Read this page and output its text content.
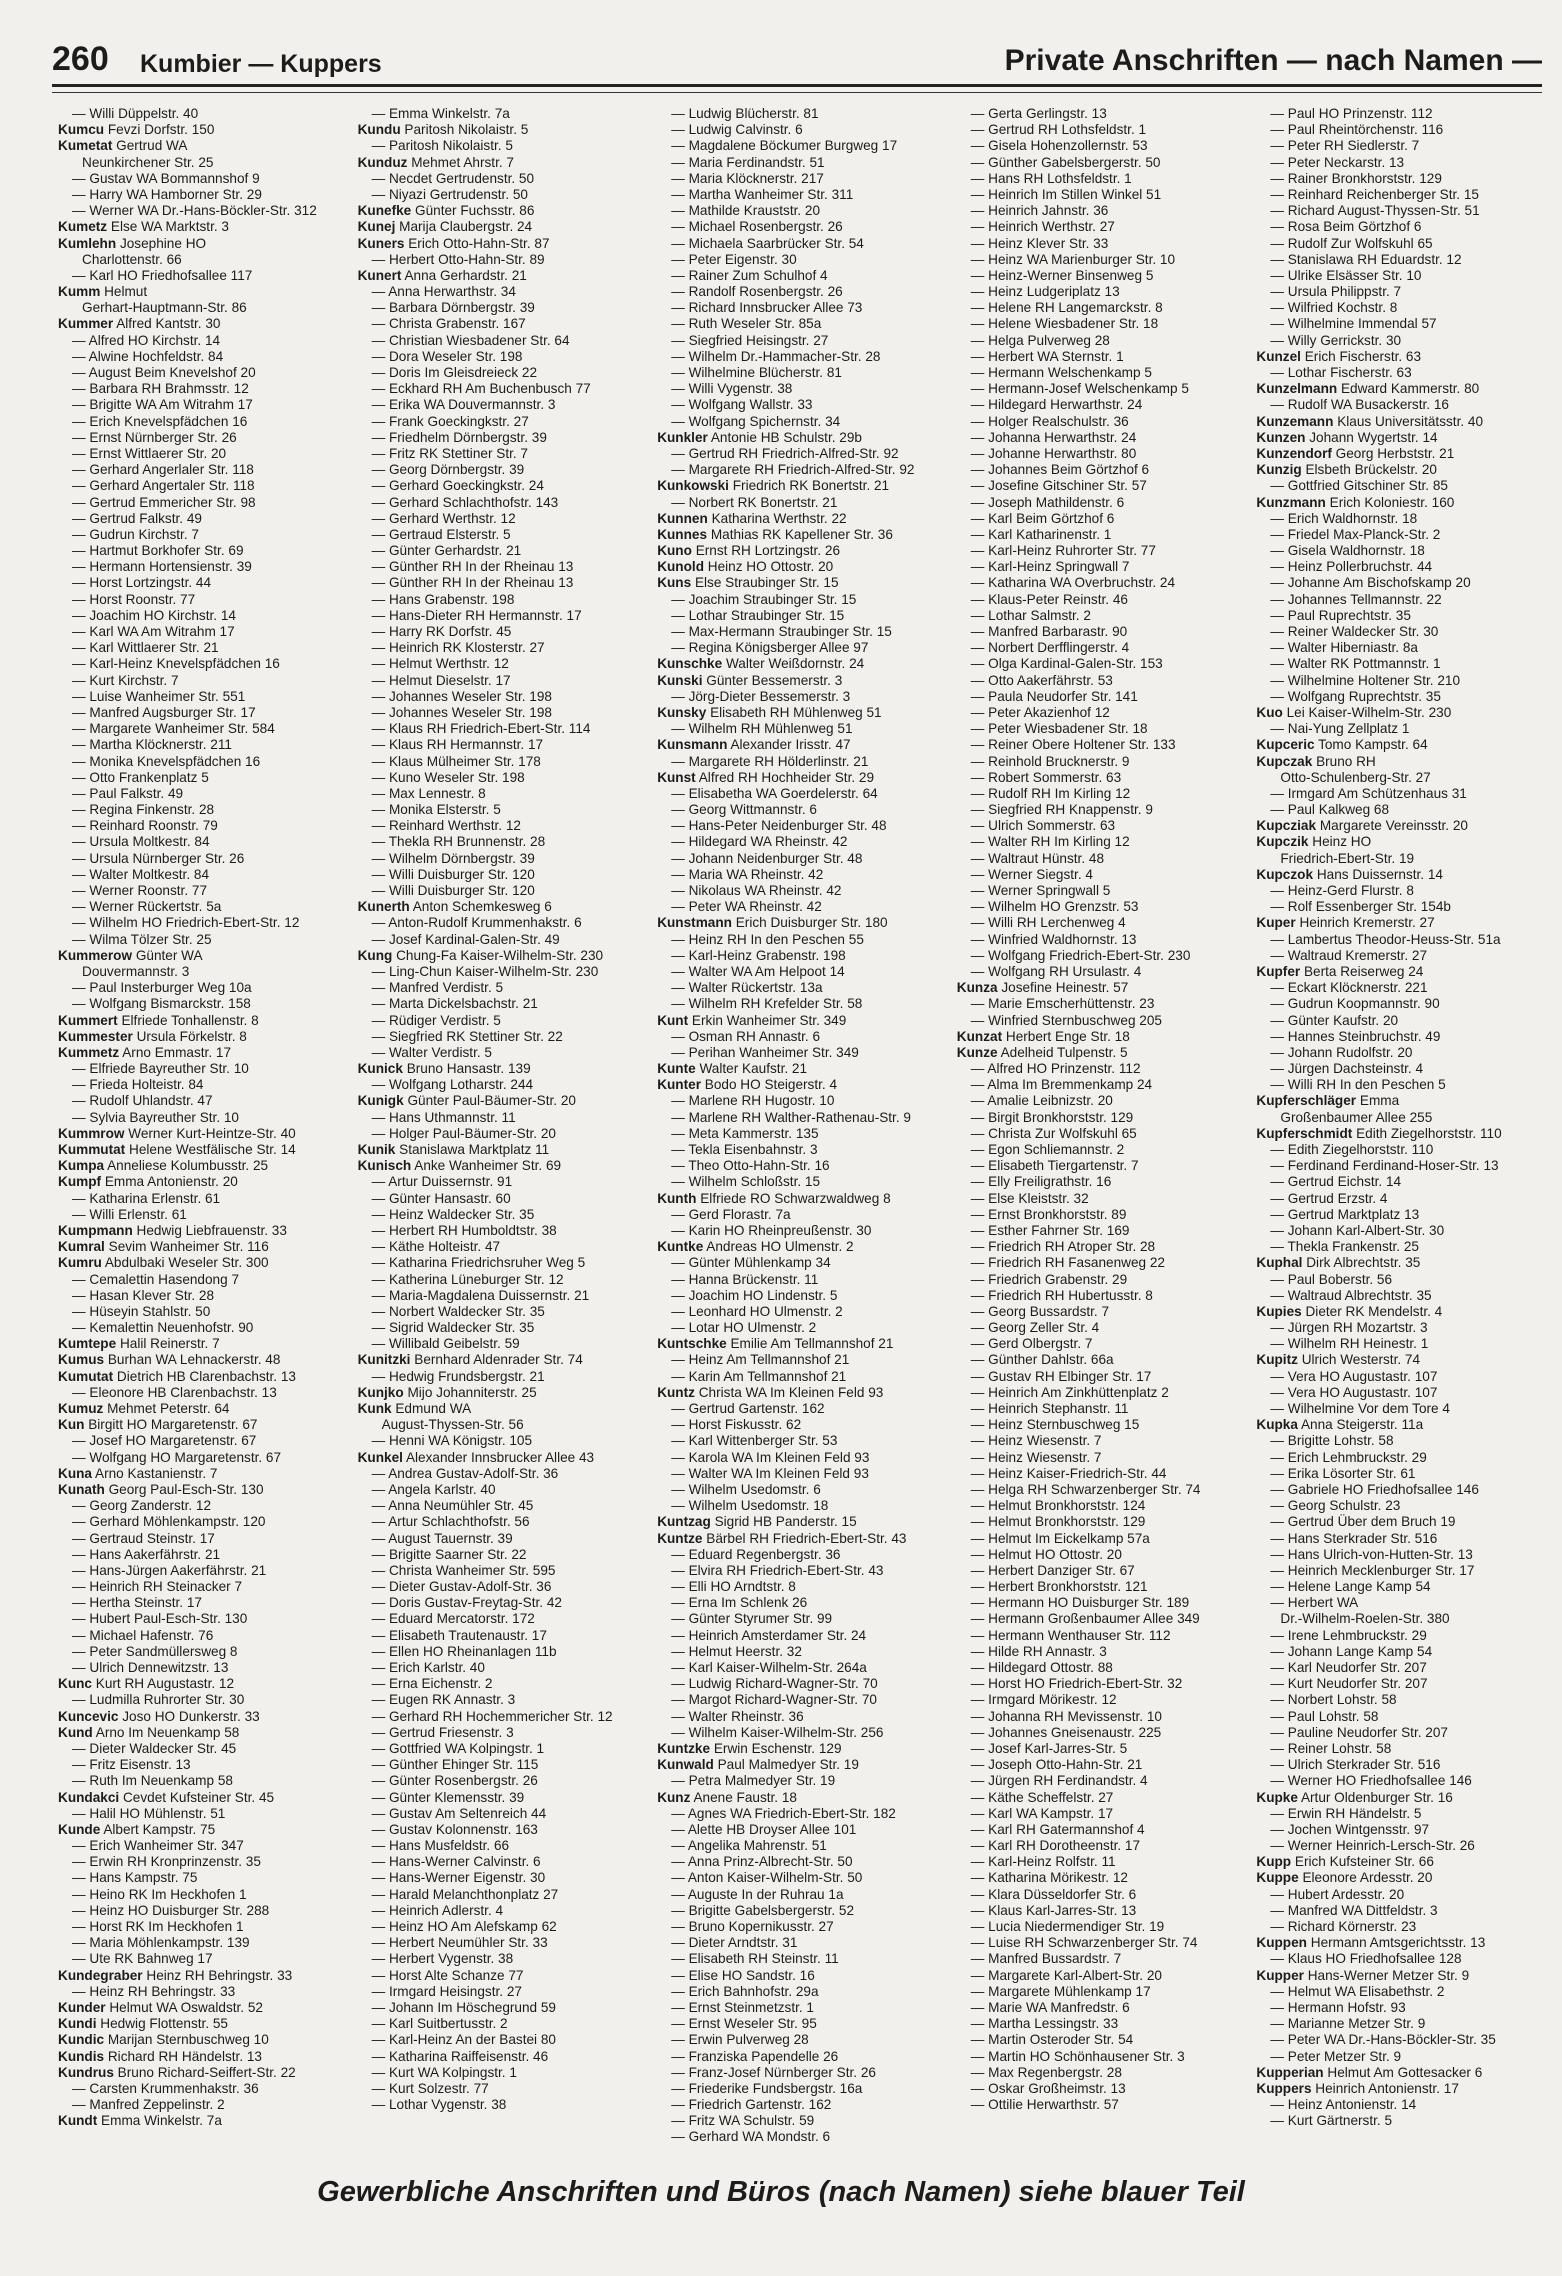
260 Kumbier — Kuppers	Private Anschriften — nach Namen —
— Willi Düppelstr. 40
Kumcu Fevzi Dorfstr. 150
Kumetat Gertrud WA
Neunkirchener Str. 25
— Gustav WA Bommannshof 9
— Harry WA Hamborner Str. 29
— Werner WA Dr.-Hans-Böckler-Str. 312
Kumetz Else WA Marktstr. 3
Kumlehn Josephine HO
Charlottenstr. 66
— Karl HO Friedhofsallee 117
Kumm Helmut
Gerhart-Hauptmann-Str. 86
Kummer Alfred Kantstr. 30
— Alfred HO Kirchstr. 14
— Alwine Hochfeldstr. 84
— August Beim Knevelshof 20
— Barbara RH Brahmsstr. 12
— Brigitte WA Am Witrahm 17
— Erich Knevelspfädchen 16
— Ernst Nürnberger Str. 26
— Ernst Wittlaerer Str. 20
— Gerhard Angerlaler Str. 118
— Gerhard Angertaler Str. 118
— Gertrud Emmericher Str. 98
— Gertrud Falkstr. 49
— Gudrun Kirchstr. 7
— Hartmut Borkhofer Str. 69
— Hermann Hortensienstr. 39
— Horst Lortzingstr. 44
— Horst Roonstr. 77
— Joachim HO Kirchstr. 14
— Karl WA Am Witrahm 17
— Karl Wittlaerer Str. 21
— Karl-Heinz Knevelspfädchen 16
— Kurt Kirchstr. 7
— Luise Wanheimer Str. 551
— Manfred Augsburger Str. 17
— Margarete Wanheimer Str. 584
— Martha Klöcknerstr. 211
— Monika Knevelspfädchen 16
— Otto Frankenplatz 5
— Paul Falkstr. 49
— Regina Finkenstr. 28
— Reinhard Roonstr. 79
— Ursula Moltkestr. 84
— Ursula Nürnberger Str. 26
— Walter Moltkestr. 84
— Werner Roonstr. 77
— Werner Rückertstr. 5a
— Wilhelm HO Friedrich-Ebert-Str. 12
— Wilma Tölzer Str. 25
Kummerow Günter WA
Douvermannstr. 3
— Paul Insterburger Weg 10a
— Wolfgang Bismarckstr. 158
Kummert Elfriede Tonhallenstr. 8
Kummester Ursula Förkelstr. 8
Kummetz Arno Emmastr. 17
— Elfriede Bayreuther Str. 10
— Frieda Holteistr. 84
— Rudolf Uhlandstr. 47
— Sylvia Bayreuther Str. 10
Kummrow Werner Kurt-Heintze-Str. 40
Kummutat Helene Westfälische Str. 14
Kumpa Anneliese Kolumbusstr. 25
Kumpf Emma Antonienstr. 20
— Katharina Erlenstr. 61
— Willi Erlenstr. 61
Kumpmann Hedwig Liebfrauenstr. 33
Kumral Sevim Wanheimer Str. 116
Kumru Abdulbaki Weseler Str. 300
— Cemalettin Hasendong 7
— Hasan Klever Str. 28
— Hüseyin Stahlstr. 50
— Kemalettin Neuenhofstr. 90
Kumtepe Halil Reinerstr. 7
Kumus Burhan WA Lehnackerstr. 48
Kumutat Dietrich HB Clarenbachstr. 13
— Eleonore HB Clarenbachstr. 13
Kumuz Mehmet Peterstr. 64
Kun Birgitt HO Margaretenstr. 67
— Josef HO Margaretenstr. 67
— Wolfgang HO Margaretenstr. 67
Kuna Arno Kastanienstr. 7
Kunath Georg Paul-Esch-Str. 130
— Georg Zanderstr. 12
— Gerhard Möhlenkampstr. 120
— Gertraud Steinstr. 17
— Hans Aakerfährstr. 21
— Hans-Jürgen Aakerfährstr. 21
— Heinrich RH Steinacker 7
— Hertha Steinstr. 17
— Hubert Paul-Esch-Str. 130
— Michael Hafenstr. 76
— Peter Sandmüllersweg 8
— Ulrich Dennewitzstr. 13
Kunc Kurt RH Augustastr. 12
— Ludmilla Ruhrorter Str. 30
Kuncevic Joso HO Dunkerstr. 33
Kund Arno Im Neuenkamp 58
— Dieter Waldecker Str. 45
— Fritz Eisenstr. 13
— Ruth Im Neuenkamp 58
Kundakci Cevdet Kufsteiner Str. 45
— Halil HO Mühlenstr. 51
Kunde Albert Kampstr. 75
— Erich Wanheimer Str. 347
— Erwin RH Kronprinzenstr. 35
— Hans Kampstr. 75
— Heino RK Im Heckhofen 1
— Heinz HO Duisburger Str. 288
— Horst RK Im Heckhofen 1
— Maria Möhlenkampstr. 139
— Ute RK Bahnweg 17
Kundegraber Heinz RH Behringstr. 33
— Heinz RH Behringstr. 33
Kunder Helmut WA Oswaldstr. 52
Kundi Hedwig Flottenstr. 55
Kundic Marijan Sternbuschweg 10
Kundis Richard RH Händelstr. 13
Kundrus Bruno Richard-Seiffert-Str. 22
— Carsten Krummenhakstr. 36
— Manfred Zeppelinstr. 2
Kundt Emma Winkelstr. 7a
— Emma Winkelstr. 7a
Kundu Paritosh Nikolaistr. 5
— Paritosh Nikolaistr. 5
Kunduz Mehmet Ahrstr. 7
— Necdet Gertrudenstr. 50
— Niyazi Gertrudenstr. 50
Kunefke Günter Fuchsstr. 86
Kunej Marija Claubergstr. 24
Kuners Erich Otto-Hahn-Str. 87
— Herbert Otto-Hahn-Str. 89
Kunert Anna Gerhardstr. 21
— Anna Herwarthstr. 34
— Barbara Dörnbergstr. 39
— Christa Grabenstr. 167
— Christian Wiesbadener Str. 64
— Dora Weseler Str. 198
— Doris Im Gleisdreieck 22
— Eckhard RH Am Buchenbusch 77
— Erika WA Douvermannstr. 3
— Frank Goeckingkstr. 27
— Friedhelm Dörnbergstr. 39
— Fritz RK Stettiner Str. 7
— Georg Dörnbergstr. 39
— Gerhard Goeckingkstr. 24
— Gerhard Schlachthofstr. 143
— Gerhard Werthstr. 12
— Gertraud Elsterstr. 5
— Günter Gerhardstr. 21
— Günther RH In der Rheinau 13
— Günther RH In der Rheinau 13
— Hans Grabenstr. 198
— Hans-Dieter RH Hermannstr. 17
— Harry RK Dorfstr. 45
— Heinrich RK Klosterstr. 27
— Helmut Werthstr. 12
— Helmut Dieselstr. 17
— Johannes Weseler Str. 198
— Johannes Weseler Str. 198
— Klaus RH Friedrich-Ebert-Str. 114
— Klaus RH Hermannstr. 17
— Klaus Mülheimer Str. 178
— Kuno Weseler Str. 198
— Max Lennestr. 8
— Monika Elsterstr. 5
— Reinhard Werthstr. 12
— Thekla RH Brunnenstr. 28
— Wilhelm Dörnbergstr. 39
— Willi Duisburger Str. 120
— Willi Duisburger Str. 120
Kunerth Anton Schemkesweg 6
— Anton-Rudolf Krummenhakstr. 6
— Josef Kardinal-Galen-Str. 49
Kung Chung-Fa Kaiser-Wilhelm-Str. 230
— Ling-Chun Kaiser-Wilhelm-Str. 230
— Manfred Verdistr. 5
— Marta Dickelsbachstr. 21
— Rüdiger Verdistr. 5
— Siegfried RK Stettiner Str. 22
— Walter Verdistr. 5
Kunick Bruno Hansastr. 139
— Wolfgang Lotharstr. 244
Kunigk Günter Paul-Bäumer-Str. 20
— Hans Uthmannstr. 11
— Holger Paul-Bäumer-Str. 20
Kunik Stanislawa Marktplatz 11
Kunisch Anke Wanheimer Str. 69
— Artur Duissernstr. 91
— Günter Hansastr. 60
— Heinz Waldecker Str. 35
— Herbert RH Humboldtstr. 38
— Käthe Holteistr. 47
— Katharina Friedrichsruher Weg 5
— Katherina Lüneburger Str. 12
— Maria-Magdalena Duissernstr. 21
— Norbert Waldecker Str. 35
— Sigrid Waldecker Str. 35
— Willibald Geibelstr. 59
Kunitzki Bernhard Aldenrader Str. 74
— Hedwig Frundsbergstr. 21
Kunjko Mijo Johanniterstr. 25
Kunk Edmund WA
August-Thyssen-Str. 56
— Henni WA Königstr. 105
Kunkel Alexander Innsbrucker Allee 43
— Andrea Gustav-Adolf-Str. 36
— Angela Karlstr. 40
— Anna Neumühler Str. 45
— Artur Schlachthofstr. 56
— August Tauernstr. 39
— Brigitte Saarner Str. 22
— Christa Wanheimer Str. 595
— Dieter Gustav-Adolf-Str. 36
— Doris Gustav-Freytag-Str. 42
— Eduard Mercatorstr. 172
— Elisabeth Trautenaustr. 17
— Ellen HO Rheinanlagen 11b
— Erich Karlstr. 40
— Erna Eichenstr. 2
— Eugen RK Annastr. 3
— Gerhard RH Hochemmericher Str. 12
— Gertrud Friesenstr. 3
— Gottfried WA Kolpingstr. 1
— Günther Ehinger Str. 115
— Günter Rosenbergstr. 26
— Günter Klemensstr. 39
— Gustav Am Seltenreich 44
— Gustav Kolonnenstr. 163
— Hans Musfeldstr. 66
— Hans-Werner Calvinstr. 6
— Hans-Werner Eigenstr. 30
— Harald Melanchthonplatz 27
— Heinrich Adlerstr. 4
— Heinz HO Am Alefskamp 62
— Herbert Neumühler Str. 33
— Herbert Vygenstr. 38
— Horst Alte Schanze 77
— Irmgard Heisingstr. 27
— Johann Im Höschegrund 59
— Karl Suitbertusstr. 2
— Karl-Heinz An der Bastei 80
— Katharina Raiffeisenstr. 46
— Kurt WA Kolpingstr. 1
— Kurt Solzestr. 77
— Lothar Vygenstr. 38
— Ludwig Blücherstr. 81
— Ludwig Calvinstr. 6
— Magdalene Böckumer Burgweg 17
— Maria Ferdinandstr. 51
— Maria Klöcknerstr. 217
— Martha Wanheimer Str. 311
— Mathilde Krauststr. 20
— Michael Rosenbergstr. 26
— Michaela Saarbrücker Str. 54
— Peter Eigenstr. 30
— Rainer Zum Schulhof 4
— Randolf Rosenbergstr. 26
— Richard Innsbrucker Allee 73
— Ruth Weseler Str. 85a
— Siegfried Heisingstr. 27
— Wilhelm Dr.-Hammacher-Str. 28
— Wilhelmine Blücherstr. 81
— Willi Vygenstr. 38
— Wolfgang Wallstr. 33
— Wolfgang Spichernstr. 34
Kunkler Antonie HB Schulstr. 29b
— Gertrud RH Friedrich-Alfred-Str. 92
— Margarete RH Friedrich-Alfred-Str. 92
Kunkowski Friedrich RK Bonertstr. 21
— Norbert RK Bonertstr. 21
Kunnen Katharina Werthstr. 22
Kunnes Mathias RK Kapellener Str. 36
Kuno Ernst RH Lortzingstr. 26
Kunold Heinz HO Ottostr. 20
Kuns Else Straubinger Str. 15
— Joachim Straubinger Str. 15
— Lothar Straubinger Str. 15
— Max-Hermann Straubinger Str. 15
— Regina Königsberger Allee 97
Kunschke Walter Weißdornstr. 24
Kunski Günter Bessemerstr. 3
— Jörg-Dieter Bessemerstr. 3
Kunsky Elisabeth RH Mühlenweg 51
— Wilhelm RH Mühlenweg 51
Kunsmann Alexander Irisstr. 47
— Margarete RH Hölderlinstr. 21
Kunst Alfred RH Hochheider Str. 29
— Elisabetha WA Goerdelerstr. 64
— Georg Wittmannstr. 6
— Hans-Peter Neidenburger Str. 48
— Hildegard WA Rheinstr. 42
— Johann Neidenburger Str. 48
— Maria WA Rheinstr. 42
— Nikolaus WA Rheinstr. 42
— Peter WA Rheinstr. 42
Kunstmann Erich Duisburger Str. 180
— Heinz RH In den Peschen 55
— Karl-Heinz Grabenstr. 198
— Walter WA Am Helpoot 14
— Walter Rückertstr. 13a
— Wilhelm RH Krefelder Str. 58
Kunt Erkin Wanheimer Str. 349
— Osman RH Annastr. 6
— Perihan Wanheimer Str. 349
Kunte Walter Kaufstr. 21
Kunter Bodo HO Steigerstr. 4
— Marlene RH Hugostr. 10
— Marlene RH Walther-Rathenau-Str. 9
— Meta Kammerstr. 135
— Tekla Eisenbahnstr. 3
— Theo Otto-Hahn-Str. 16
— Wilhelm Schloßstr. 15
Kunth Elfriede RO Schwarzwaldweg 8
— Gerd Florastr. 7a
— Karin HO Rheinpreußenstr. 30
Kuntke Andreas HO Ulmenstr. 2
— Günter Mühlenkamp 34
— Hanna Brückenstr. 11
— Joachim HO Lindenstr. 5
— Leonhard HO Ulmenstr. 2
— Lotar HO Ulmenstr. 2
Kuntschke Emilie Am Tellmannshof 21
— Heinz Am Tellmannshof 21
— Karin Am Tellmannshof 21
Kuntz Christa WA Im Kleinen Feld 93
— Gertrud Gartenstr. 162
— Horst Fiskusstr. 62
— Karl Wittenberger Str. 53
— Karola WA Im Kleinen Feld 93
— Walter WA Im Kleinen Feld 93
— Wilhelm Usedomstr. 6
— Wilhelm Usedomstr. 18
Kuntzag Sigrid HB Panderstr. 15
Kuntze Bärbel RH Friedrich-Ebert-Str. 43
— Eduard Regenbergstr. 36
— Elvira RH Friedrich-Ebert-Str. 43
— Elli HO Arndtstr. 8
— Erna Im Schlenk 26
— Günter Styrumer Str. 99
— Heinrich Amsterdamer Str. 24
— Helmut Heerstr. 32
— Karl Kaiser-Wilhelm-Str. 264a
— Ludwig Richard-Wagner-Str. 70
— Margot Richard-Wagner-Str. 70
— Walter Rheinstr. 36
— Wilhelm Kaiser-Wilhelm-Str. 256
Kuntzke Erwin Eschenstr. 129
Kunwald Paul Malmedyer Str. 19
— Petra Malmedyer Str. 19
Kunz Anene Faustr. 18
— Agnes WA Friedrich-Ebert-Str. 182
— Alette HB Droyser Allee 101
— Angelika Mahrenstr. 51
— Anna Prinz-Albrecht-Str. 50
— Anton Kaiser-Wilhelm-Str. 50
— Auguste In der Ruhrau 1a
— Brigitte Gabelsbergerstr. 52
— Bruno Kopernikusstr. 27
— Dieter Arndtstr. 31
— Elisabeth RH Steinstr. 11
— Elise HO Sandstr. 16
— Erich Bahnhofstr. 29a
— Ernst Steinmetzstr. 1
— Ernst Weseler Str. 95
— Erwin Pulverweg 28
— Franziska Papendelle 26
— Franz-Josef Nürnberger Str. 26
— Friederike Fundsbergstr. 16a
— Friedrich Gartenstr. 162
— Fritz WA Schulstr. 59
— Gerhard WA Mondstr. 6
— Gerta Gerlingstr. 13
— Gertrud RH Lothsfeldstr. 1
— Gisela Hohenzollernstr. 53
— Günther Gabelsbergerstr. 50
— Hans RH Lothsfeldstr. 1
— Heinrich Im Stillen Winkel 51
— Heinrich Jahnstr. 36
— Heinrich Werthstr. 27
— Heinz Klever Str. 33
— Heinz WA Marienburger Str. 10
— Heinz-Werner Binsenweg 5
— Heinz Ludgeriplatz 13
— Helene RH Langemarckstr. 8
— Helene Wiesbadener Str. 18
— Helga Pulverweg 28
— Herbert WA Sternstr. 1
— Hermann Welschenkamp 5
— Hermann-Josef Welschenkamp 5
— Hildegard Herwarthstr. 24
— Holger Realschulstr. 36
— Johanna Herwarthstr. 24
— Johanne Herwarthstr. 80
— Johannes Beim Görtzhof 6
— Josefine Gitschiner Str. 57
— Joseph Mathildenstr. 6
— Karl Beim Görtzhof 6
— Karl Katharinenstr. 1
— Karl-Heinz Ruhrorter Str. 77
— Karl-Heinz Springwall 7
— Katharina WA Overbruchstr. 24
— Klaus-Peter Reinstr. 46
— Lothar Salmstr. 2
— Manfred Barbarastr. 90
— Norbert Derfflingerstr. 4
— Olga Kardinal-Galen-Str. 153
— Otto Aakerfährstr. 53
— Paula Neudorfer Str. 141
— Peter Akazienhof 12
— Peter Wiesbadener Str. 18
— Reiner Obere Holtener Str. 133
— Reinhold Brucknerstr. 9
— Robert Sommerstr. 63
— Rudolf RH Im Kirling 12
— Siegfried RH Knappenstr. 9
— Ulrich Sommerstr. 63
— Walter RH Im Kirling 12
— Waltraut Hünstr. 48
— Werner Siegstr. 4
— Werner Springwall 5
— Wilhelm HO Grenzstr. 53
— Willi RH Lerchenweg 4
— Winfried Waldhornstr. 13
— Wolfgang Friedrich-Ebert-Str. 230
— Wolfgang RH Ursulastr. 4
Kunza Josefine Heinestr. 57
— Marie Emscherhüttenstr. 23
— Winfried Sternbuschweg 205
Kunzat Herbert Enge Str. 18
Kunze Adelheid Tulpenstr. 5
— Alfred HO Prinzenstr. 112
— Alma Im Bremmenkamp 24
— Amalie Leibnizstr. 20
— Birgit Bronkhorststr. 129
— Christa Zur Wolfskuhl 65
— Egon Schliemannstr. 2
— Elisabeth Tiergartenstr. 7
— Elly Freiligrathstr. 16
— Else Kleiststr. 32
— Ernst Bronkhorststr. 89
— Esther Fahrner Str. 169
— Friedrich RH Atroper Str. 28
— Friedrich RH Fasanenweg 22
— Friedrich Grabenstr. 29
— Friedrich RH Hubertusstr. 8
— Georg Bussardstr. 7
— Georg Zeller Str. 4
— Gerd Olbergstr. 7
— Günther Dahlstr. 66a
— Gustav RH Elbinger Str. 17
— Heinrich Am Zinkhüttenplatz 2
— Heinrich Stephanstr. 11
— Heinz Sternbuschweg 15
— Heinz Wiesenstr. 7
— Heinz Wiesenstr. 7
— Heinz Kaiser-Friedrich-Str. 44
— Helga RH Schwarzenberger Str. 74
— Helmut Bronkhorststr. 124
— Helmut Bronkhorststr. 129
— Helmut Im Eickelkamp 57a
— Helmut HO Ottostr. 20
— Herbert Danziger Str. 67
— Herbert Bronkhorststr. 121
— Hermann HO Duisburger Str. 189
— Hermann Großenbaumer Allee 349
— Hermann Wenthauser Str. 112
— Hilde RH Annastr. 3
— Hildegard Ottostr. 88
— Horst HO Friedrich-Ebert-Str. 32
— Irmgard Mörikestr. 12
— Johanna RH Mevissenstr. 10
— Johannes Gneisenaustr. 225
— Josef Karl-Jarres-Str. 5
— Joseph Otto-Hahn-Str. 21
— Jürgen RH Ferdinandstr. 4
— Käthe Scheffelstr. 27
— Karl WA Kampstr. 17
— Karl RH Gatermannshof 4
— Karl RH Dorotheenstr. 17
— Karl-Heinz Rolfstr. 11
— Katharina Mörikestr. 12
— Klara Düsseldorfer Str. 6
— Klaus Karl-Jarres-Str. 13
— Lucia Niedermendiger Str. 19
— Luise RH Schwarzenberger Str. 74
— Manfred Bussardstr. 7
— Margarete Karl-Albert-Str. 20
— Margarete Mühlenkamp 17
— Marie WA Manfredstr. 6
— Martha Lessingstr. 33
— Martin Osteroder Str. 54
— Martin HO Schönhausener Str. 3
— Max Regenbergstr. 28
— Oskar Großheimstr. 13
— Ottilie Herwarthstr. 57
— Paul HO Prinzenstr. 112
— Paul Rheintörchenstr. 116
— Peter RH Siedlerstr. 7
— Peter Neckarstr. 13
— Rainer Bronkhorststr. 129
— Reinhard Reichenberger Str. 15
— Richard August-Thyssen-Str. 51
— Rosa Beim Görtzhof 6
— Rudolf Zur Wolfskuhl 65
— Stanislawa RH Eduardstr. 12
— Ulrike Elsässer Str. 10
— Ursula Philippstr. 7
— Wilfried Kochstr. 8
— Wilhelmine Immendal 57
— Willy Gerrickstr. 30
Kunzel Erich Fischerstr. 63
— Lothar Fischerstr. 63
Kunzelmann Edward Kammerstr. 80
— Rudolf WA Busackerstr. 16
Kunzemann Klaus Universitätsstr. 40
Kunzen Johann Wygertstr. 14
Kunzendorf Georg Herbststr. 21
Kunzig Elsbeth Brückelstr. 20
— Gottfried Gitschiner Str. 85
Kunzmann Erich Koloniestr. 160
— Erich Waldhornstr. 18
— Friedel Max-Planck-Str. 2
— Gisela Waldhornstr. 18
— Heinz Pollerbruchstr. 44
— Johanne Am Bischofskamp 20
— Johannes Tellmannstr. 22
— Paul Ruprechtstr. 35
— Reiner Waldecker Str. 30
— Walter Hiberniastr. 8a
— Walter RK Pottmannstr. 1
— Wilhelmine Holtener Str. 210
— Wolfgang Ruprechtstr. 35
Kuo Lei Kaiser-Wilhelm-Str. 230
— Nai-Yung Zellplatz 1
Kupceric Tomo Kampstr. 64
Kupczak Bruno RH
Otto-Schulenberg-Str. 27
— Irmgard Am Schützenhaus 31
— Paul Kalkweg 68
Kupcziak Margarete Vereinsstr. 20
Kupczik Heinz HO
Friedrich-Ebert-Str. 19
Kupczok Hans Duissernstr. 14
— Heinz-Gerd Flurstr. 8
— Rolf Essenberger Str. 154b
Kuper Heinrich Kremerstr. 27
— Lambertus Theodor-Heuss-Str. 51a
— Waltraud Kremerstr. 27
Kupfer Berta Reiserweg 24
— Eckart Klöcknerstr. 221
— Gudrun Koopmannstr. 90
— Günter Kaufstr. 20
— Hannes Steinbruchstr. 49
— Johann Rudolfstr. 20
— Jürgen Dachsteinstr. 4
— Willi RH In den Peschen 5
Kupferschläger Emma
Großenbaumer Allee 255
Kupferschmidt Edith Ziegelhorststr. 110
— Edith Ziegelhorststr. 110
— Ferdinand Ferdinand-Hoser-Str. 13
— Gertrud Eichstr. 14
— Gertrud Erzstr. 4
— Gertrud Marktplatz 13
— Johann Karl-Albert-Str. 30
— Thekla Frankenstr. 25
Kuphal Dirk Albrechtstr. 35
— Paul Boberstr. 56
— Waltraud Albrechtstr. 35
Kupies Dieter RK Mendelstr. 4
— Jürgen RH Mozartstr. 3
— Wilhelm RH Heinestr. 1
Kupitz Ulrich Westerstr. 74
— Vera HO Augustastr. 107
— Vera HO Augustastr. 107
— Wilhelmine Vor dem Tore 4
Kupka Anna Steigerstr. 11a
— Brigitte Lohstr. 58
— Erich Lehmbruckstr. 29
— Erika Lösorter Str. 61
— Gabriele HO Friedhofsallee 146
— Georg Schulstr. 23
— Gertrud Über dem Bruch 19
— Hans Sterkrader Str. 516
— Hans Ulrich-von-Hutten-Str. 13
— Heinrich Mecklenburger Str. 17
— Helene Lange Kamp 54
— Herbert WA
Dr.-Wilhelm-Roelen-Str. 380
— Irene Lehmbruckstr. 29
— Johann Lange Kamp 54
— Karl Neudorfer Str. 207
— Kurt Neudorfer Str. 207
— Norbert Lohstr. 58
— Paul Lohstr. 58
— Pauline Neudorfer Str. 207
— Reiner Lohstr. 58
— Ulrich Sterkrader Str. 516
— Werner HO Friedhofsallee 146
Kupke Artur Oldenburger Str. 16
— Erwin RH Händelstr. 5
— Jochen Wintgensstr. 97
— Werner Heinrich-Lersch-Str. 26
Kupp Erich Kufsteiner Str. 66
Kuppe Eleonore Ardesstr. 20
— Hubert Ardesstr. 20
— Manfred WA Dittfeldstr. 3
— Richard Körnerstr. 23
Kuppen Hermann Amtsgerichtsstr. 13
— Klaus HO Friedhofsallee 128
Kupper Hans-Werner Metzer Str. 9
— Helmut WA Elisabethstr. 2
— Hermann Hofstr. 93
— Marianne Metzer Str. 9
— Peter WA Dr.-Hans-Böckler-Str. 35
— Peter Metzer Str. 9
Kupperian Helmut Am Gottesacker 6
Kuppers Heinrich Antonienstr. 17
— Heinz Antonienstr. 14
— Kurt Gärtnerstr. 5
Gewerbliche Anschriften und Büros (nach Namen) siehe blauer Teil
